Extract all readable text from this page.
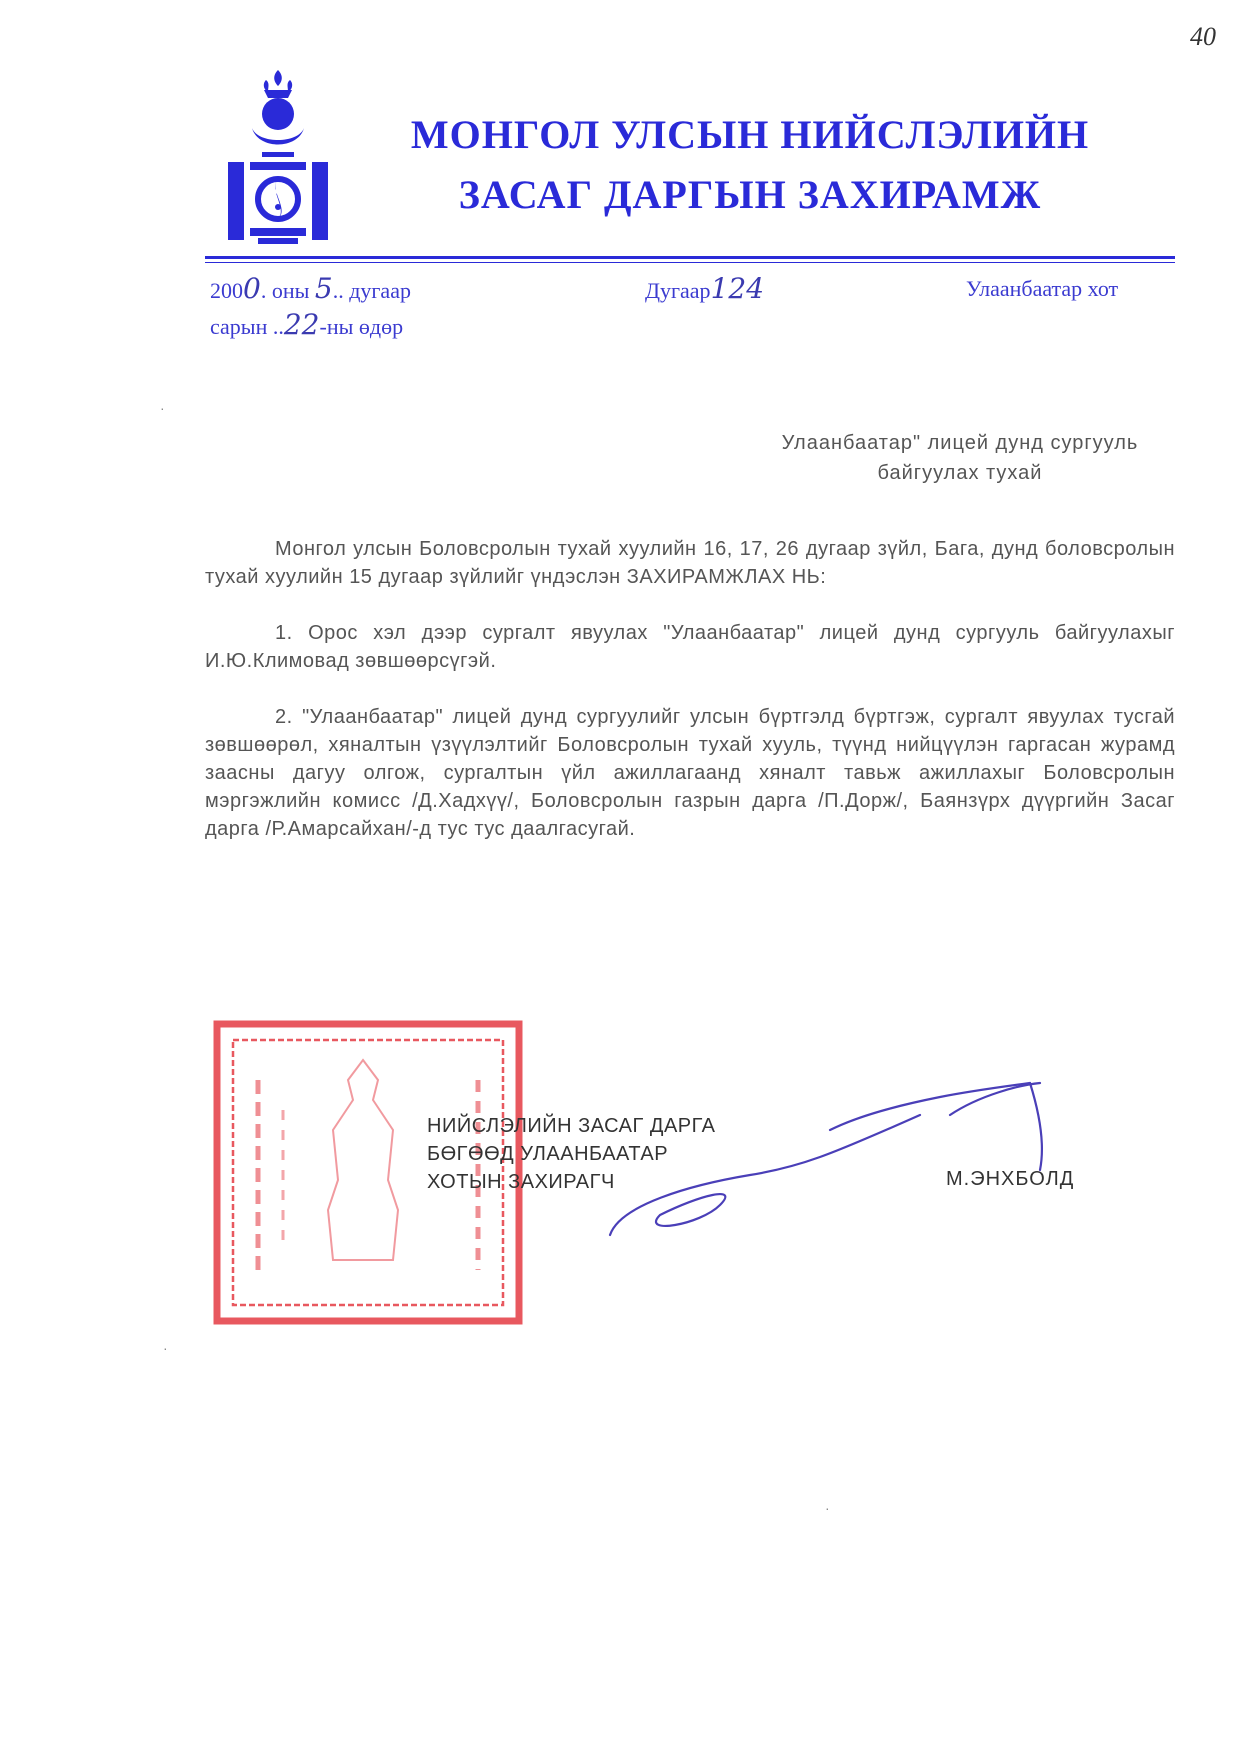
40
МОНГОЛ УЛСЫН НИЙСЛЭЛИЙН
ЗАСАГ ДАРГЫН ЗАХИРАМЖ
2000. оны 5.. дугаар
сарын ..22-ны өдөр
Дугаар124	Улаанбаатар хот
Улаанбаатар" лицей дунд сургууль
байгуулах тухай

Монгол улсын Боловсролын тухай хуулийн 16, 17, 26 дугаар зүйл, Бага, дунд боловсролын тухай хуулийн 15 дугаар зүйлийг үндэслэн ЗАХИРАМЖЛАХ НЬ:

1. Орос хэл дээр сургалт явуулах "Улаанбаатар" лицей дунд сургууль байгуулахыг И.Ю.Климовад зөвшөөрсүгэй.

2. "Улаанбаатар" лицей дунд сургуулийг улсын бүртгэлд бүртгэж, сургалт явуулах тусгай зөвшөөрөл, хяналтын үзүүлэлтийг Боловсролын тухай хууль, түүнд нийцүүлэн гаргасан журамд заасны дагуу олгож, сургалтын үйл ажиллагаанд хяналт тавьж ажиллахыг Боловсролын мэргэжлийн комисс /Д.Хадхүү/, Боловсролын газрын дарга /П.Дорж/, Баянзүрх дүүргийн Засаг дарга /Р.Амарсайхан/-д тус тус даалгасугай.

НИЙСЛЭЛИЙН ЗАСАГ ДАРГА
БӨГӨӨД УЛААНБААТАР
ХОТЫН ЗАХИРАГЧ	М.ЭНХБОЛД
·
·
·
